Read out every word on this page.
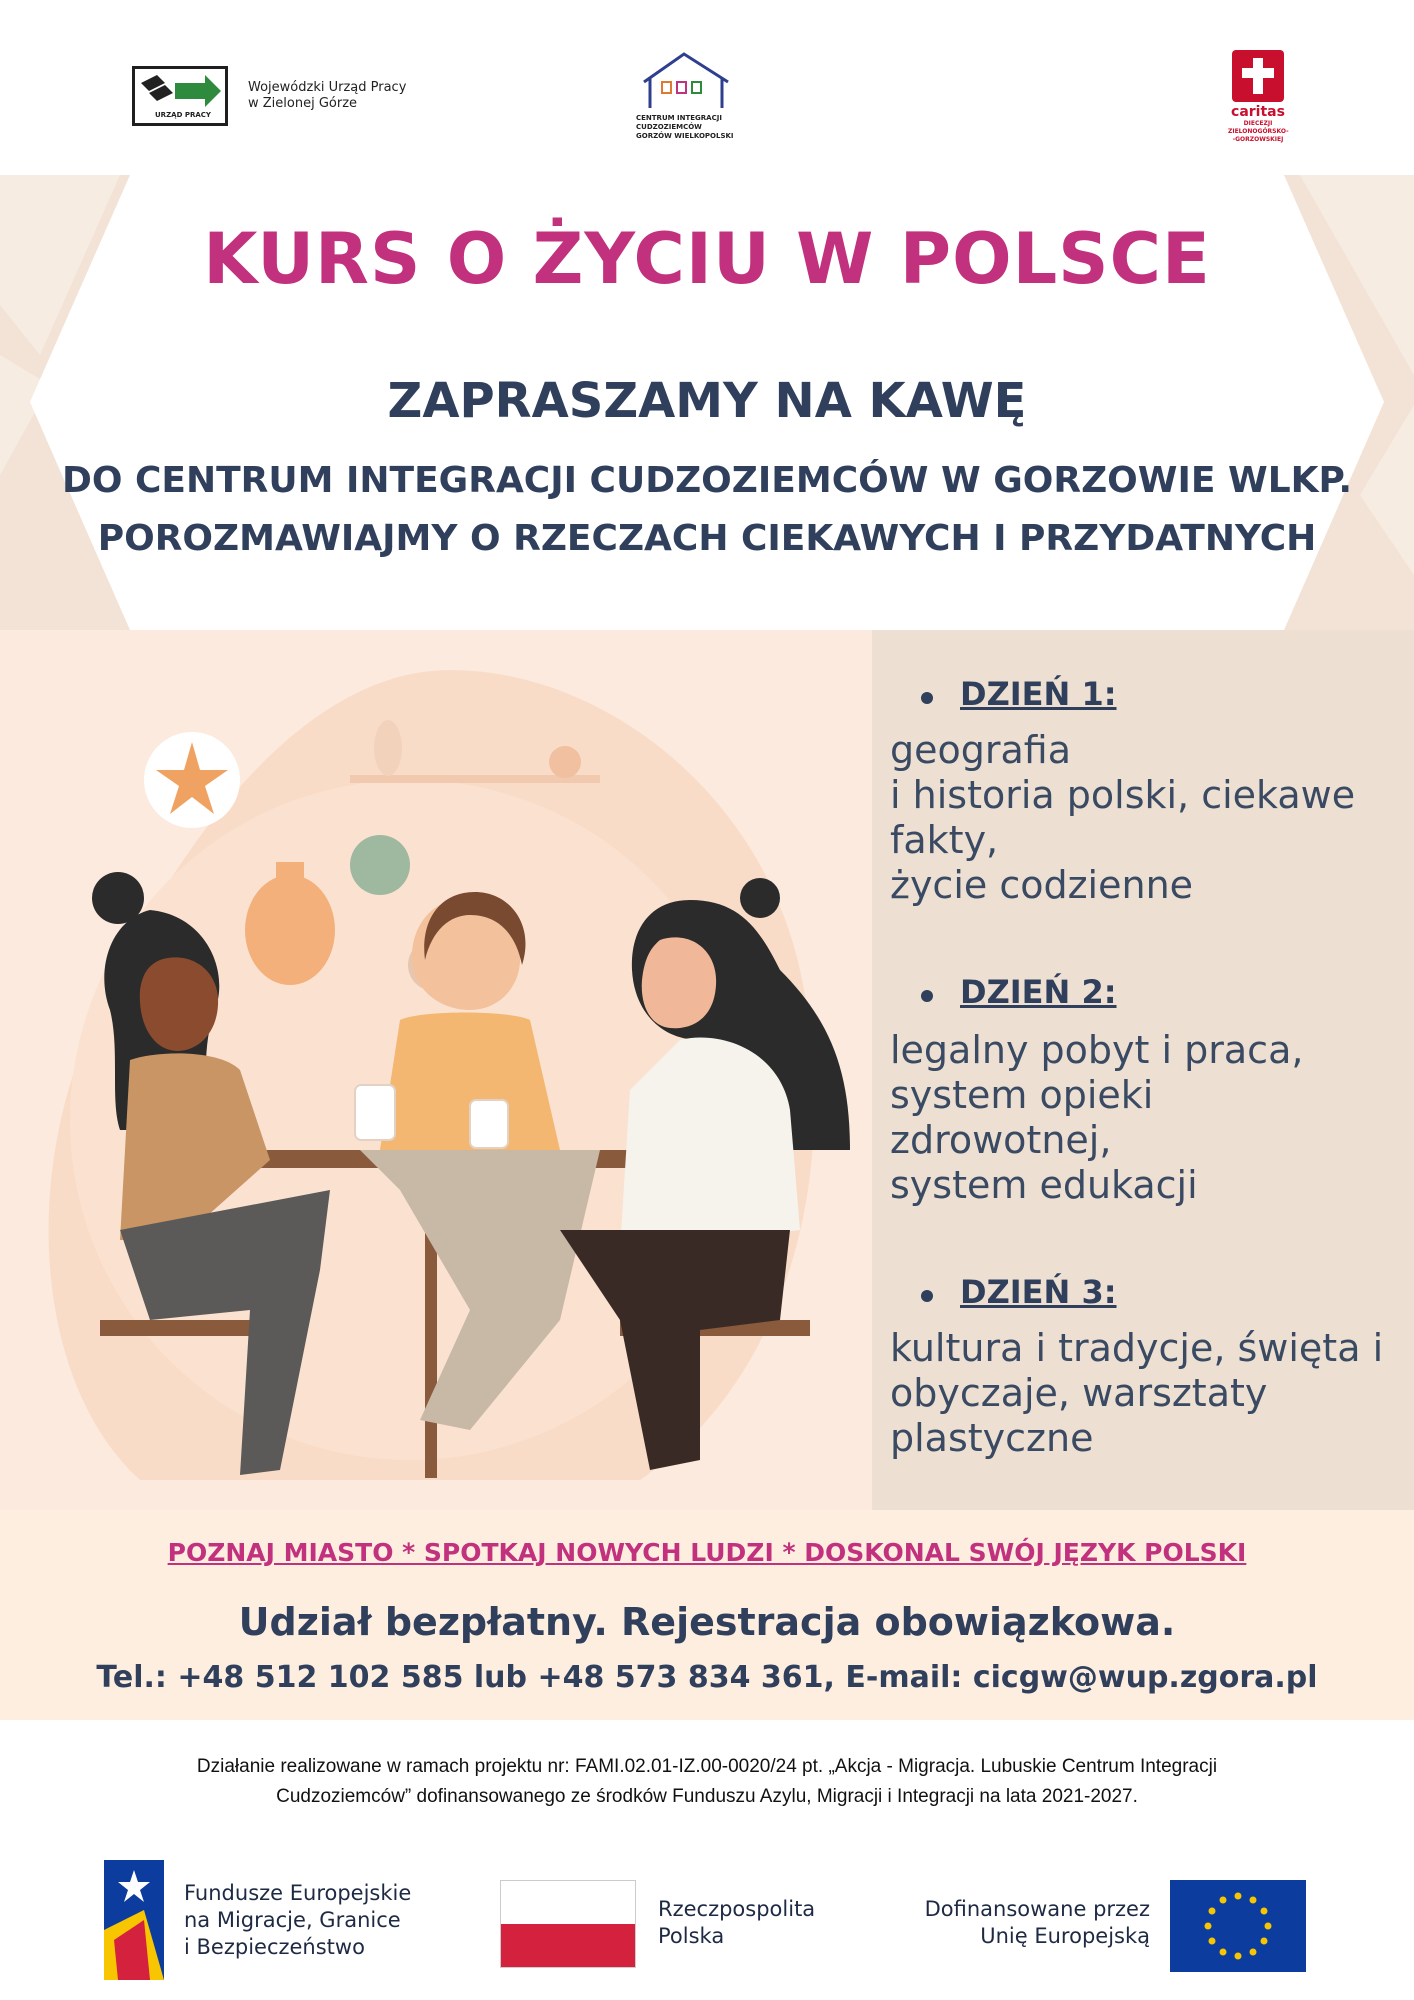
URZĄD PRACY
Wojewódzki Urząd Pracy
w Zielonej Górze
CENTRUM INTEGRACJI CUDZOZIEMCÓW
GORZÓW WIELKOPOLSKI
caritas
DIECEZJI
ZIELONOGÓRSKO-
-GORZOWSKIEJ
KURS O ŻYCIU W POLSCE
ZAPRASZAMY NA KAWĘ
DO CENTRUM INTEGRACJI CUDZOZIEMCÓW W GORZOWIE WLKP.
POROZMAWIAJMY O RZECZACH CIEKAWYCH I PRZYDATNYCH
DZIEŃ 1:
geografia
i historia polski, ciekawe
fakty,
życie codzienne
DZIEŃ 2:
legalny pobyt i praca,
system opieki
zdrowotnej,
system edukacji
DZIEŃ 3:
kultura i tradycje, święta i
obyczaje, warsztaty
plastyczne
POZNAJ MIASTO * SPOTKAJ NOWYCH LUDZI * DOSKONAL SWÓJ JĘZYK POLSKI
Udział bezpłatny. Rejestracja obowiązkowa.
Tel.: +48 512 102 585 lub +48 573 834 361, E-mail: cicgw@wup.zgora.pl
Działanie realizowane w ramach projektu nr: FAMI.02.01-IZ.00-0020/24 pt. „Akcja - Migracja. Lubuskie Centrum Integracji
Cudzoziemców” dofinansowanego ze środków Funduszu Azylu, Migracji i Integracji na lata 2021-2027.
Fundusze Europejskie
na Migracje, Granice
i Bezpieczeństwo
Rzeczpospolita
Polska
Dofinansowane przez
Unię Europejską
